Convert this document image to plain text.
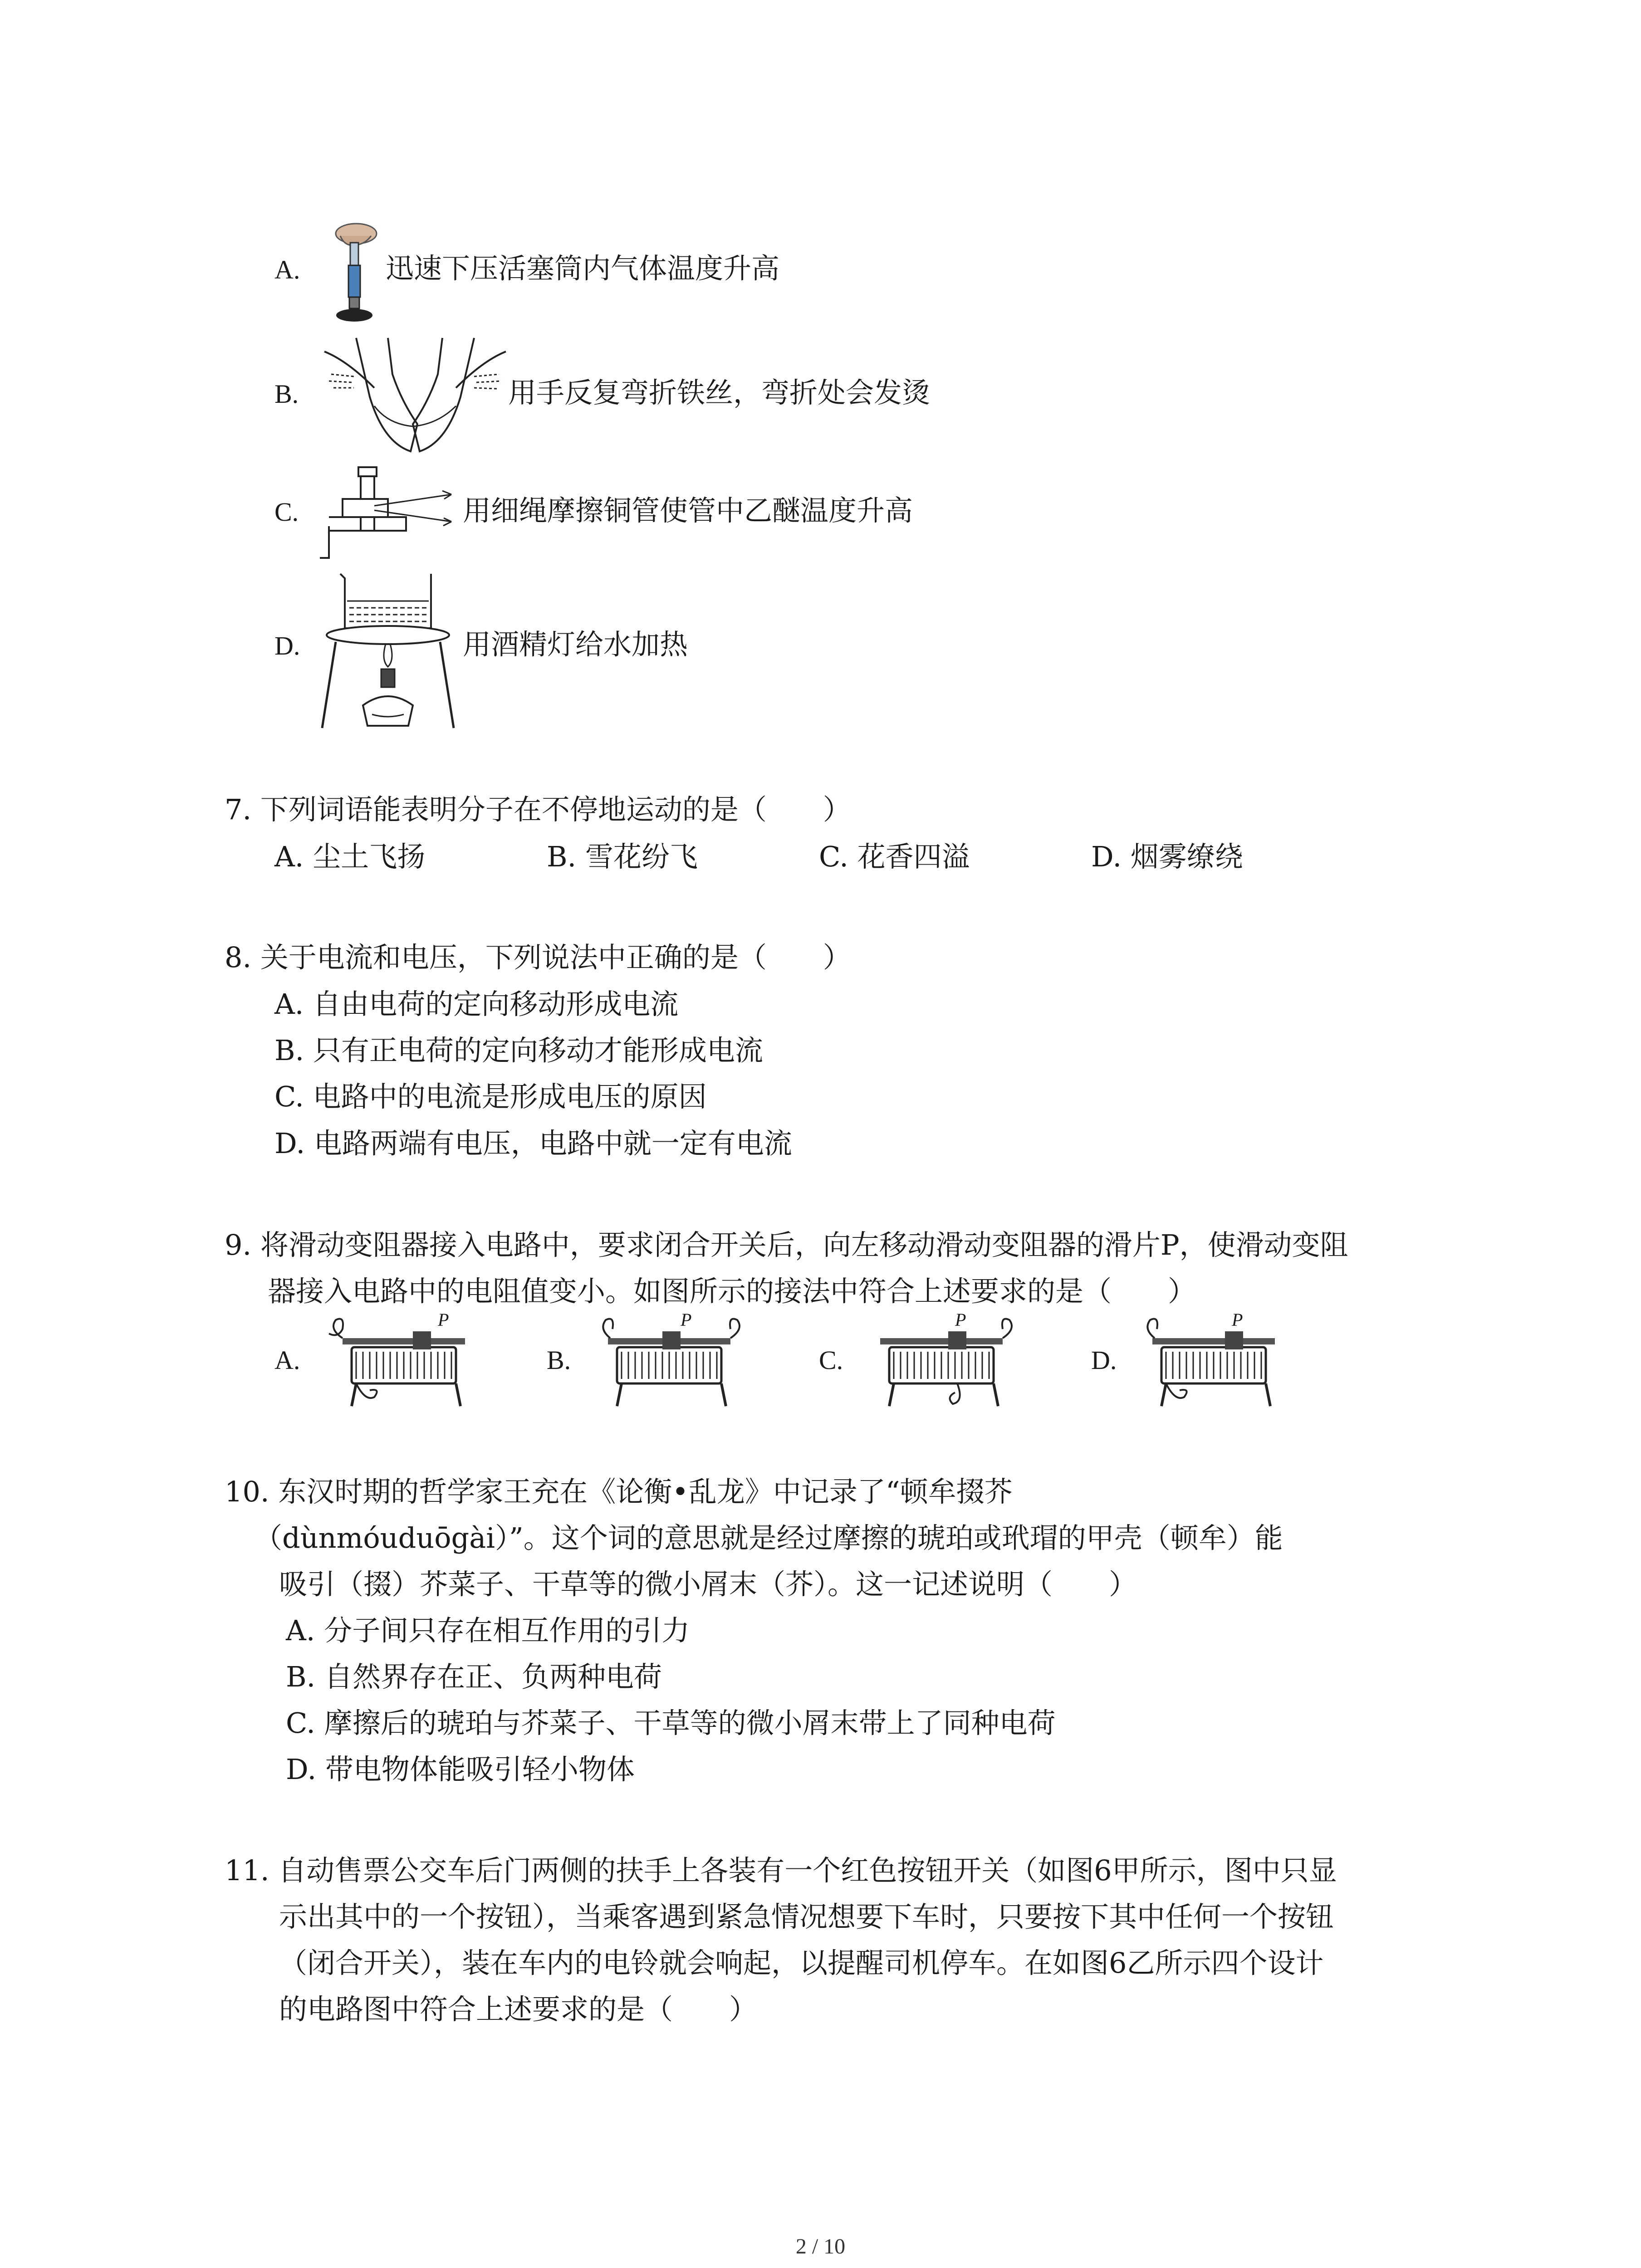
A.	迅速下压活塞筒内气体温度升高
B.	用手反复弯折铁丝，弯折处会发烫
C.	用细绳摩擦铜管使管中乙醚温度升高
D.	用酒精灯给水加热
7. 下列词语能表明分子在不停地运动的是（　　）
A. 尘土飞扬	B. 雪花纷飞	C. 花香四溢	D. 烟雾缭绕
8. 关于电流和电压，下列说法中正确的是（　　）
A. 自由电荷的定向移动形成电流
B. 只有正电荷的定向移动才能形成电流
C. 电路中的电流是形成电压的原因
D. 电路两端有电压，电路中就一定有电流
9. 将滑动变阻器接入电路中，要求闭合开关后，向左移动滑动变阻器的滑片P，使滑动变阻
器接入电路中的电阻值变小。如图所示的接法中符合上述要求的是（　　）
A.
P
B.
P
C.
P
D.
P
10. 东汉时期的哲学家王充在《论衡•乱龙》中记录了“顿牟掇芥
（dùnmóuduōgài）”。这个词的意思就是经过摩擦的琥珀或玳瑁的甲壳（顿牟）能
吸引（掇）芥菜子、干草等的微小屑末（芥）。这一记述说明（　　）
A. 分子间只存在相互作用的引力
B. 自然界存在正、负两种电荷
C. 摩擦后的琥珀与芥菜子、干草等的微小屑末带上了同种电荷
D. 带电物体能吸引轻小物体
11. 自动售票公交车后门两侧的扶手上各装有一个红色按钮开关（如图6甲所示，图中只显
示出其中的一个按钮），当乘客遇到紧急情况想要下车时，只要按下其中任何一个按钮
（闭合开关），装在车内的电铃就会响起，以提醒司机停车。在如图6乙所示四个设计
的电路图中符合上述要求的是（　　）
2 / 10
